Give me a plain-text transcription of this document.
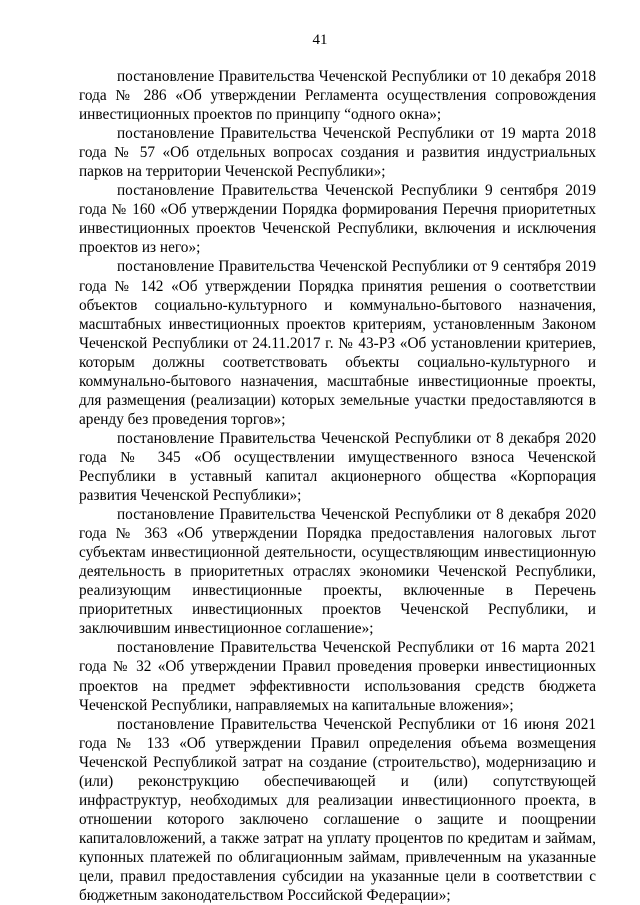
41

постановление Правительства Чеченской Республики от 10 декабря 2018 года № 286 «Об утверждении Регламента осуществления сопровождения инвестиционных проектов по принципу “одного окна»;

постановление Правительства Чеченской Республики от 19 марта 2018 года № 57 «Об отдельных вопросах создания и развития индустриальных парков на территории Чеченской Республики»;

постановление Правительства Чеченской Республики 9 сентября 2019 года № 160 «Об утверждении Порядка формирования Перечня приоритетных инвестиционных проектов Чеченской Республики, включения и исключения проектов из него»;

постановление Правительства Чеченской Республики от 9 сентября 2019 года № 142 «Об утверждении Порядка принятия решения о соответствии объектов социально-культурного и коммунально-бытового назначения, масштабных инвестиционных проектов критериям, установленным Законом Чеченской Республики от 24.11.2017 г. № 43-РЗ «Об установлении критериев, которым должны соответствовать объекты социально-культурного и коммунально-бытового назначения, масштабные инвестиционные проекты, для размещения (реализации) которых земельные участки предоставляются в аренду без проведения торгов»;

постановление Правительства Чеченской Республики от 8 декабря 2020 года № 345 «Об осуществлении имущественного взноса Чеченской Республики в уставный капитал акционерного общества «Корпорация развития Чеченской Республики»;

постановление Правительства Чеченской Республики от 8 декабря 2020 года № 363 «Об утверждении Порядка предоставления налоговых льгот субъектам инвестиционной деятельности, осуществляющим инвестиционную деятельность в приоритетных отраслях экономики Чеченской Республики, реализующим инвестиционные проекты, включенные в Перечень приоритетных инвестиционных проектов Чеченской Республики, и заключившим инвестиционное соглашение»;

постановление Правительства Чеченской Республики от 16 марта 2021 года № 32 «Об утверждении Правил проведения проверки инвестиционных проектов на предмет эффективности использования средств бюджета Чеченской Республики, направляемых на капитальные вложения»;

постановление Правительства Чеченской Республики от 16 июня 2021 года № 133 «Об утверждении Правил определения объема возмещения Чеченской Республикой затрат на создание (строительство), модернизацию и (или) реконструкцию обеспечивающей и (или) сопутствующей инфраструктур, необходимых для реализации инвестиционного проекта, в отношении которого заключено соглашение о защите и поощрении капиталовложений, а также затрат на уплату процентов по кредитам и займам, купонных платежей по облигационным займам, привлеченным на указанные цели, правил предоставления субсидии на указанные цели в соответствии с бюджетным законодательством Российской Федерации»;
